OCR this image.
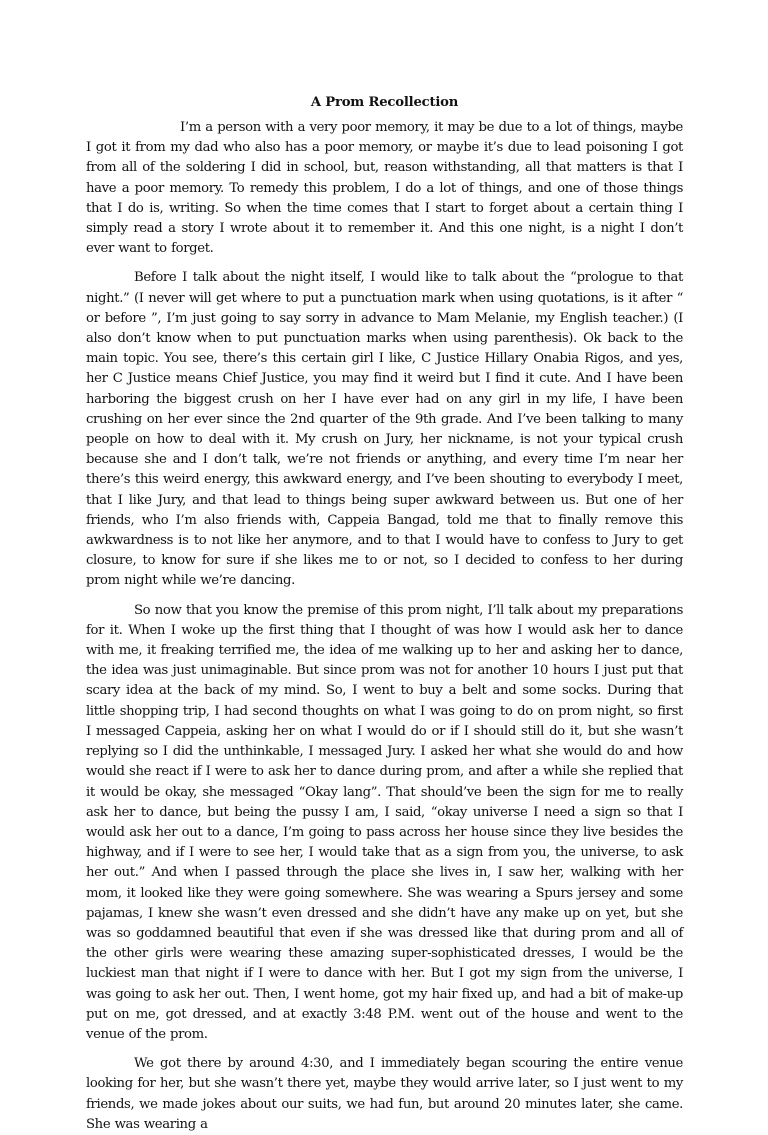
A Prom Recollection

I’m a person with a very poor memory, it may be due to a lot of things, maybe I got it from my dad who also has a poor memory, or maybe it’s due to lead poisoning I got from all of the soldering I did in school, but, reason withstanding, all that matters is that I have a poor memory. To remedy this problem, I do a lot of things, and one of those things that I do is, writing. So when the time comes that I start to forget about a certain thing I simply read a story I wrote about it to remember it. And this one night, is a night I don’t ever want to forget.

Before I talk about the night itself, I would like to talk about the “prologue to that night.” (I never will get where to put a punctuation mark when using quotations, is it after “ or before ”, I’m just going to say sorry in advance to Mam Melanie, my English teacher.) (I also don’t know when to put punctuation marks when using parenthesis). Ok back to the main topic. You see, there’s this certain girl I like, C Justice Hillary Onabia Rigos, and yes, her C Justice means Chief Justice, you may find it weird but I find it cute. And I have been harboring the biggest crush on her I have ever had on any girl in my life, I have been crushing on her ever since the 2nd quarter of the 9th grade. And I’ve been talking to many people on how to deal with it. My crush on Jury, her nickname, is not your typical crush because she and I don’t talk, we’re not friends or anything, and every time I’m near her there’s this weird energy, this awkward energy, and I’ve been shouting to everybody I meet, that I like Jury, and that lead to things being super awkward between us. But one of her friends, who I’m also friends with, Cappeia Bangad, told me that to finally remove this awkwardness is to not like her anymore, and to that I would have to confess to Jury to get closure, to know for sure if she likes me to or not, so I decided to confess to her during prom night while we’re dancing.

So now that you know the premise of this prom night, I’ll talk about my preparations for it. When I woke up the first thing that I thought of was how I would ask her to dance with me, it freaking terrified me, the idea of me walking up to her and asking her to dance, the idea was just unimaginable. But since prom was not for another 10 hours I just put that scary idea at the back of my mind. So, I went to buy a belt and some socks. During that little shopping trip, I had second thoughts on what I was going to do on prom night, so first I messaged Cappeia, asking her on what I would do or if I should still do it, but she wasn’t replying so I did the unthinkable, I messaged Jury. I asked her what she would do and how would she react if I were to ask her to dance during prom, and after a while she replied that it would be okay, she messaged “Okay lang”. That should’ve been the sign for me to really ask her to dance, but being the pussy I am, I said, “okay universe I need a sign so that I would ask her out to a dance, I’m going to pass across her house since they live besides the highway, and if I were to see her, I would take that as a sign from you, the universe, to ask her out.” And when I passed through the place she lives in, I saw her, walking with her mom, it looked like they were going somewhere. She was wearing a Spurs jersey and some pajamas, I knew she wasn’t even dressed and she didn’t have any make up on yet, but she was so goddamned beautiful that even if she was dressed like that during prom and all of the other girls were wearing these amazing super-sophisticated dresses, I would be the luckiest man that night if I were to dance with her. But I got my sign from the universe, I was going to ask her out. Then, I went home, got my hair fixed up, and had a bit of make-up put on me, got dressed, and at exactly 3:48 P.M. went out of the house and went to the venue of the prom.

We got there by around 4:30, and I immediately began scouring the entire venue looking for her, but she wasn’t there yet, maybe they would arrive later, so I just went to my friends, we made jokes about our suits, we had fun, but around 20 minutes later, she came. She was wearing a
